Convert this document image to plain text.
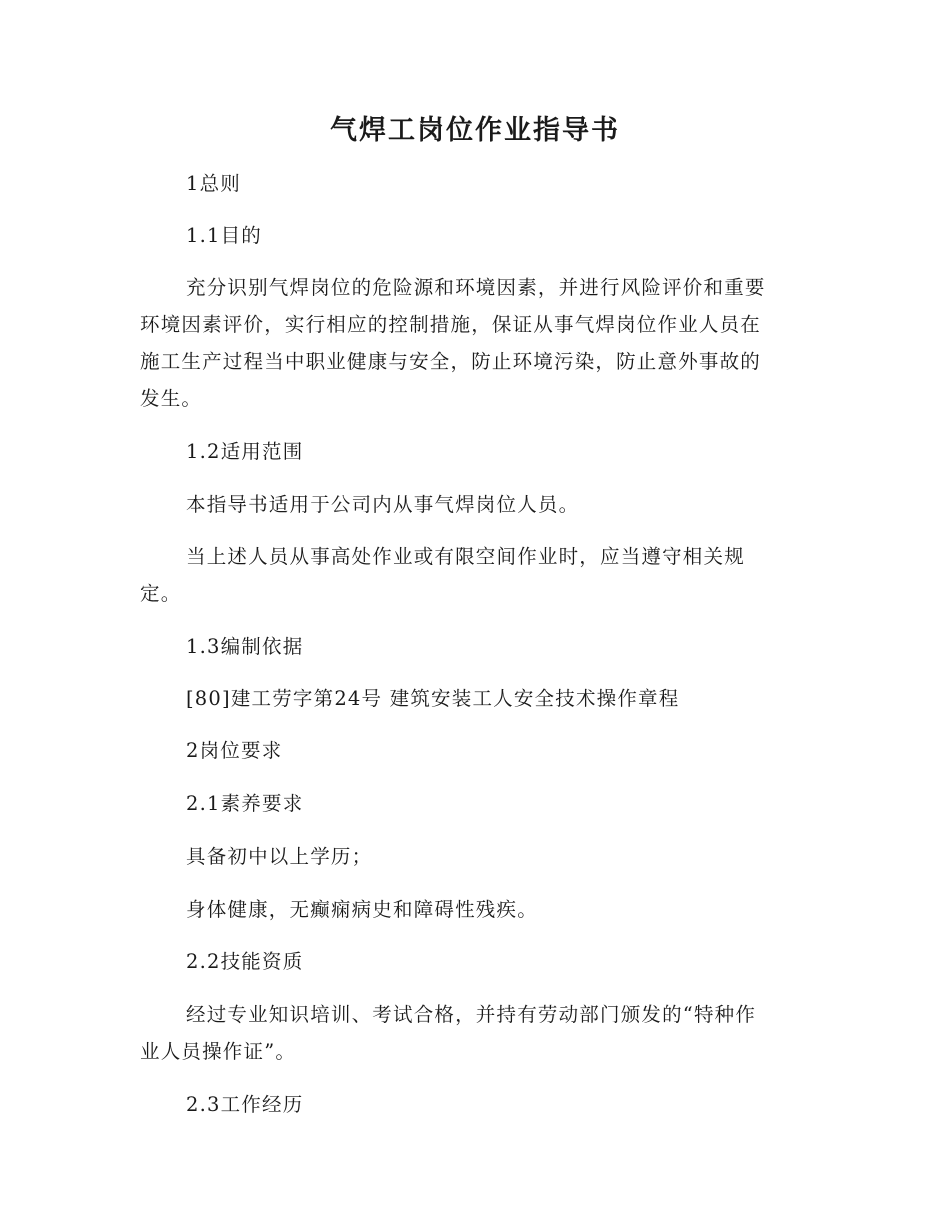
气焊工岗位作业指导书
1总则
1.1目的
充分识别气焊岗位的危险源和环境因素，并进行风险评价和重要
环境因素评价，实行相应的控制措施，保证从事气焊岗位作业人员在
施工生产过程当中职业健康与安全，防止环境污染，防止意外事故的
发生。
1.2适用范围
本指导书适用于公司内从事气焊岗位人员。
当上述人员从事高处作业或有限空间作业时，应当遵守相关规
定。
1.3编制依据
[80]建工劳字第24号 建筑安装工人安全技术操作章程
2岗位要求
2.1素养要求
具备初中以上学历；
身体健康，无癫痫病史和障碍性残疾。
2.2技能资质
经过专业知识培训、考试合格，并持有劳动部门颁发的“特种作
业人员操作证”。
2.3工作经历
